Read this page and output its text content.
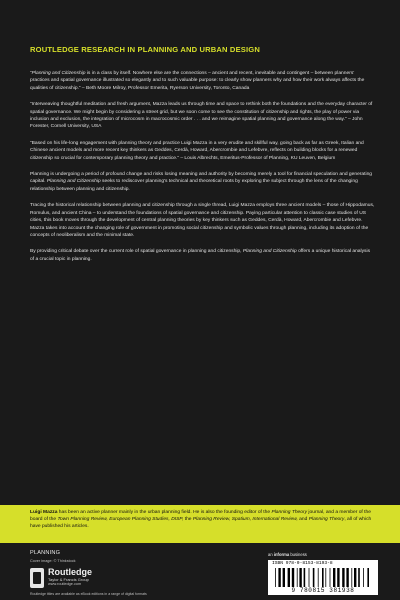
ROUTLEDGE RESEARCH IN PLANNING AND URBAN DESIGN

“Planning and Citizenship is in a class by itself. Nowhere else are the connections – ancient and recent, inevitable and contingent – between planners’ practices and spatial governance illustrated so elegantly and to such valuable purpose: to clearly show planners why and how their work always affects the qualities of citizenship.” – Beth Moore Milroy, Professor Emerita, Ryerson University, Toronto, Canada

“Interweaving thoughtful meditation and fresh argument, Mazza leads us through time and space to rethink both the foundations and the everyday character of spatial governance. We might begin by considering a street grid, but we soon come to see the constitution of citizenship and rights, the play of power via inclusion and exclusion, the integration of microcosm in macrocosmic order . . . and we reimagine spatial planning and governance along the way.” – John Forester, Cornell University, USA

“Based on his life-long engagement with planning theory and practice Luigi Mazza in a very erudite and skillful way, going back as far as Greek, Italian and Chinese ancient models and more recent key thinkers as Geddes, Cerdà, Howard, Abercrombie and Lefebvre, reflects on building blocks for a renewed citizenship so crucial for contemporary planning theory and practice.” – Louis Albrechts, Emeritus-Professor of Planning, KU Leuven, Belgium

Planning is undergoing a period of profound change and risks losing meaning and authority by becoming merely a tool for financial speculation and generating capital. Planning and Citizenship seeks to rediscover planning’s technical and theoretical roots by exploring the subject through the lens of the changing relationship between planning and citizenship.

Tracing the historical relationship between planning and citizenship through a single thread, Luigi Mazza employs three ancient models – those of Hippodamus, Romulus, and ancient China – to understand the foundations of spatial governance and citizenship. Paying particular attention to classic case studies of US cities, this book moves through the development of central planning theories by key thinkers such as Geddes, Cerdà, Howard, Abercrombie and Lefebvre. Mazza takes into account the changing role of government in promoting social citizenship and symbolic values through planning, including its adoption of the concepts of neoliberalism and the minimal state.

By providing critical debate over the current role of spatial governance in planning and citizenship, Planning and Citizenship offers a unique historical analysis of a crucial topic in planning.

Luigi Mazza has been an active planner mainly in the urban planning field. He is also the founding editor of the Planning Theory journal, and a member of the board of the Town Planning Review, European Planning Studies, DISP, the Planning Review, Spatium, International Review, and Planning Theory, all of which have published his articles.
PLANNING
Cover image: © Thinkstock
Routledge
Taylor & Francis Group
www.routledge.com
Routledge titles are available as eBook editions in a range of digital formats
an informa business
ISBN 978-0-8153-8193-8
9 780815 381938
